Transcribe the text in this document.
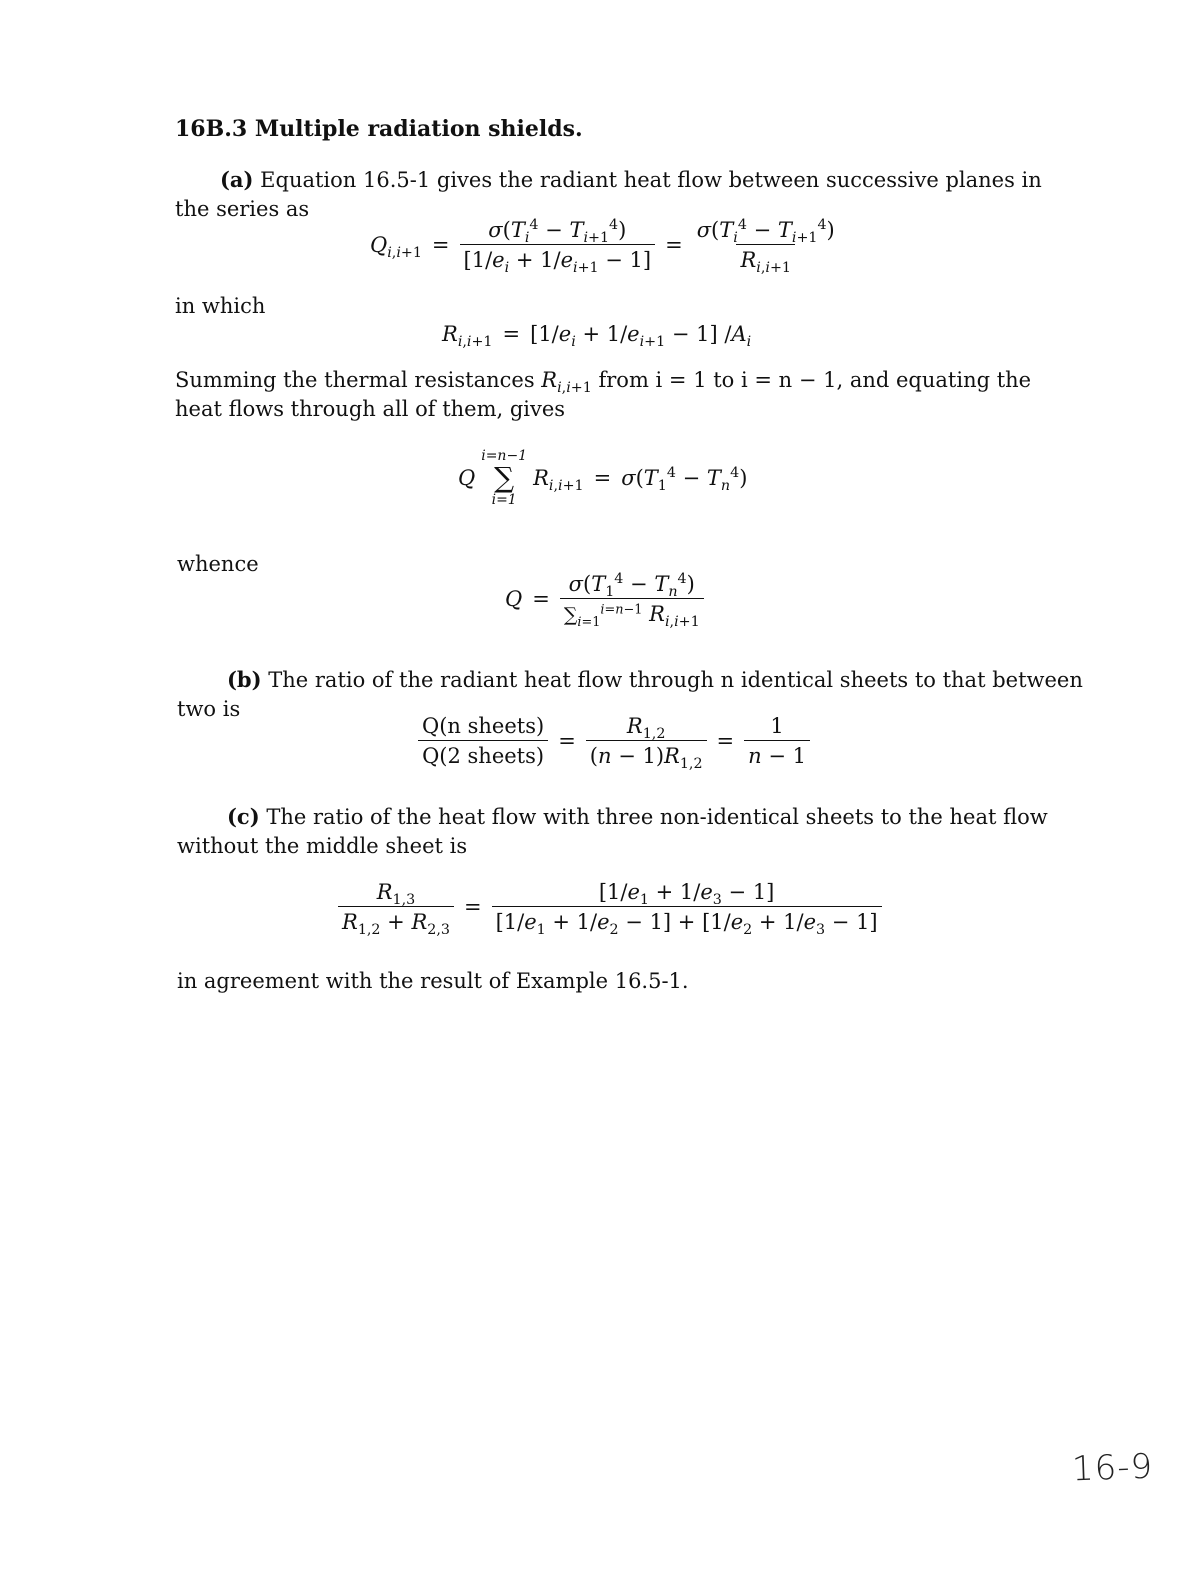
16B.3 Multiple radiation shields.
(a) Equation 16.5-1 gives the radiant heat flow between successive planes in
the series as
$Q_{i,i+1} = \frac{\sigma(T_i^4 - T_{i+1}^4)}{[1/e_i + 1/e_{i+1} - 1]} = \frac{\sigma(T_i^4 - T_{i+1}^4)}{R_{i,i+1}}$
in which
$R_{i,i+1} = [1/e_i + 1/e_{i+1} - 1]$ $/A_i$
Summing the thermal resistances $R_{i,i+1}$ from i = 1 to i = n − 1, and equating the
heat flows through all of them, gives
Q
i=n−1
∑
i=1
$R_{i,i+1} = \sigma(T_1^4 - T_n^4)$
whence
$Q = \frac{\sigma(T_1^4 - T_n^4)}{\sum_{i=1}^{i=n-1} R_{i,i+1}}$
(b) The ratio of the radiant heat flow through n identical sheets to that between
two is
$\frac{\text{Q(n sheets)}}{\text{Q(2 sheets)}} = \frac{R_{1,2}}{(n - 1)R_{1,2}} = \frac{1}{n - 1}$
(c) The ratio of the heat flow with three non-identical sheets to the heat flow
without the middle sheet is
$\frac{R_{1,3}}{R_{1,2} + R_{2,3}} = \frac{[1/e_1 + 1/e_3 - 1]}{[1/e_1 + 1/e_2 - 1] + [1/e_2 + 1/e_3 - 1]}$
in agreement with the result of Example 16.5-1.
16-9
